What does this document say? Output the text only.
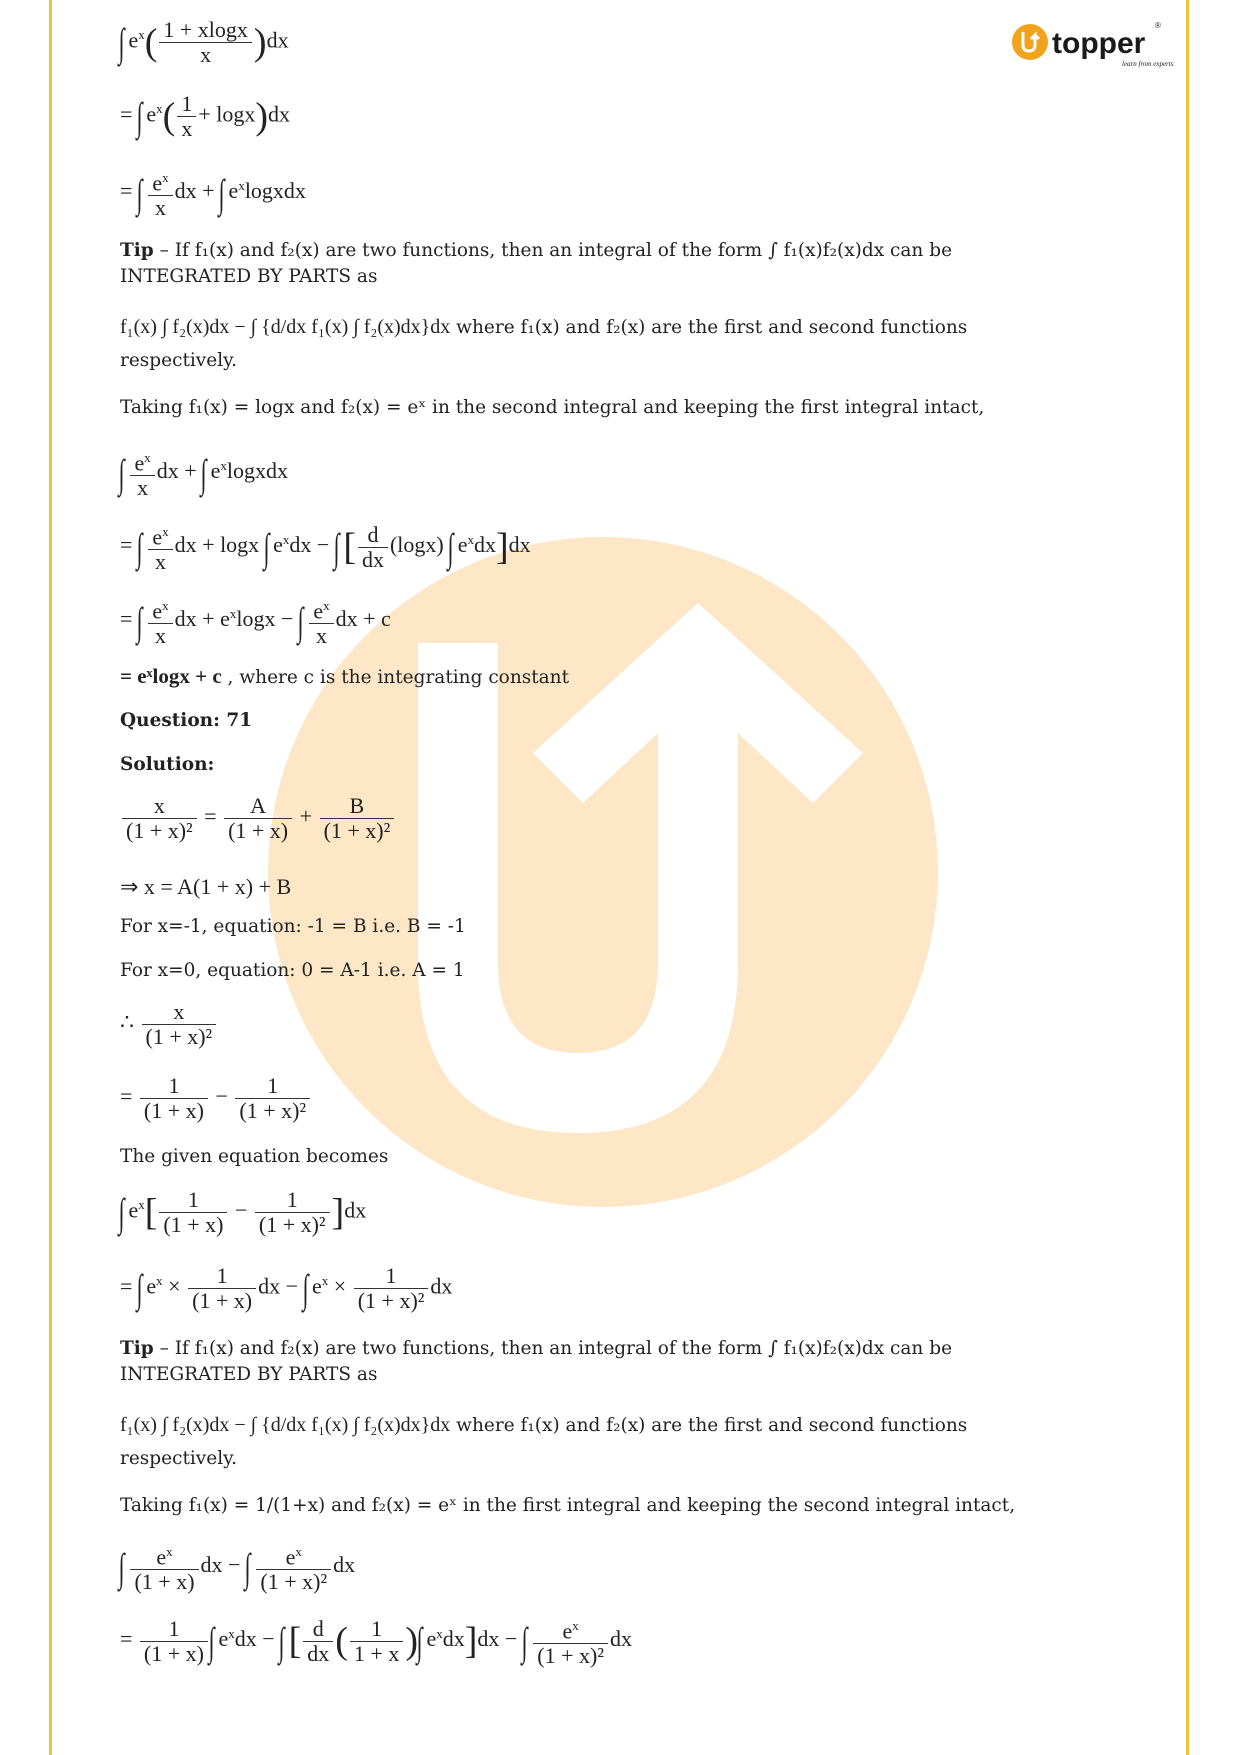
topper
®
learn from experts
∫ $e^x( \frac{1 + xlogx}{x} )dx$
= ∫ $e^x( \frac{1}{x} + \log x)dx$
= ∫ $\frac{e^x}{x}$ dx + ∫ $e^xlogxdx$
Tip – If f₁(x) and f₂(x) are two functions, then an integral of the form ∫ f₁(x)f₂(x)dx can be
INTEGRATED BY PARTS as
f₁(x) ∫ f₂(x)dx − ∫ {d/dx f₁(x) ∫ f₂(x)dx}dx where f₁(x) and f₂(x) are the first and second functions
respectively.
Taking f₁(x) = logx and f₂(x) = eˣ in the second integral and keeping the first integral intact,
∫ $\frac{e^x}{x}$ dx + ∫ $e^xlogxdx$
= ∫ $\frac{e^x}{x}$ dx + logx ∫ $e^xdx$ − ∫ [ $\frac{d}{dx} (\log x)$ ∫ $e^xdx]dx$
= ∫ $\frac{e^x}{x}$ dx + $e^x\log x$ − ∫ $\frac{e^x}{x}$ dx + c
= eˣlogx + c , where c is the integrating constant
Question: 71
Solution:
$\frac{x}{\text{(1 + x)²}} = \frac{A}{(1 + x)} + \frac{B}{\text{(1 + x)²}}$
⇒ x = A(1 + x) + B
For x=-1, equation: -1 = B i.e. B = -1
For x=0, equation: 0 = A-1 i.e. A = 1
∴ $\frac{x}{\text{(1 + x)²}}$
= $\frac{1}{(1 + x)} - \frac{1}{\text{(1 + x)²}}$
The given equation becomes
∫ $e^x[ \frac{1}{(1 + x)} - \frac{1}{\text{(1 + x)²}} ]dx$
= ∫ $e^x \times \frac{1}{(1 + x)}$ dx − ∫ $e^x \times \frac{1}{\text{(1 + x)²}}$ dx
Tip – If f₁(x) and f₂(x) are two functions, then an integral of the form ∫ f₁(x)f₂(x)dx can be
INTEGRATED BY PARTS as
f₁(x) ∫ f₂(x)dx − ∫ {d/dx f₁(x) ∫ f₂(x)dx}dx where f₁(x) and f₂(x) are the first and second functions
respectively.
Taking f₁(x) = 1/(1+x) and f₂(x) = eˣ in the first integral and keeping the second integral intact,
∫ $\frac{e^x}{(1 + x)}$ dx − ∫ $\frac{e^x}{\text{(1 + x)²}}$ dx
= $\frac{1}{(1 + x)}$ ∫ $e^xdx$ − ∫ [ $\frac{d}{dx}$ ( $\frac{1}{1 + x}$ )∫ $e^xdx]dx$ − ∫ $\frac{e^x}{\text{(1 + x)²}}$ dx
